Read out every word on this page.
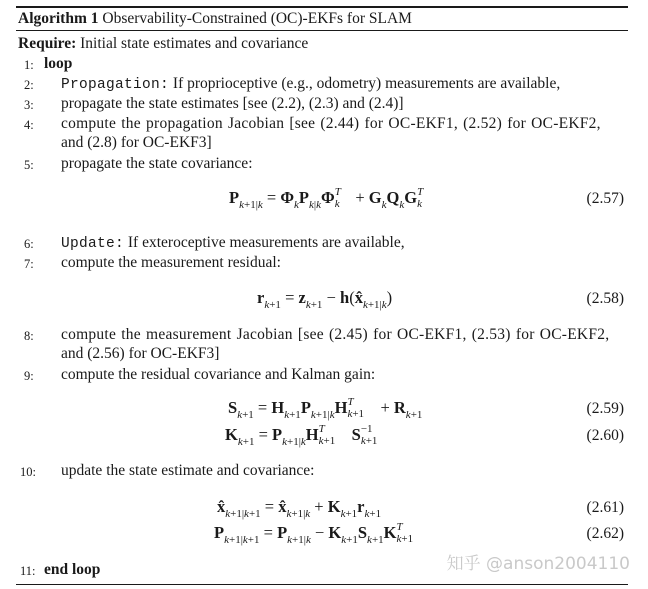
Algorithm 1 Observability-Constrained (OC)-EKFs for SLAM
Require: Initial state estimates and covariance
1: loop
2: Propagation: If proprioceptive (e.g., odometry) measurements are available,
3: propagate the state estimates [see (2.2), (2.3) and (2.4)]
4: compute the propagation Jacobian [see (2.44) for OC-EKF1, (2.52) for OC-EKF2,
and (2.8) for OC-EKF3]
5: propagate the state covariance:
$P_{k+1|k} = \Phi_kP_{k|k}\Phi$ T
$k + G_kQ_kG$ T
k	(2.57)
6: Update: If exteroceptive measurements are available,
7: compute the measurement residual:
$r_{k+1} = z_{k+1}$ − $h(x̂_{k+1|k})$	(2.58)
8: compute the measurement Jacobian [see (2.45) for OC-EKF1, (2.53) for OC-EKF2,
and (2.56) for OC-EKF3]
9: compute the residual covariance and Kalman gain:
$S_{k+1} = H_{k+1}P_{k+1|k}H$ T
$k+1 + R_{k+1}$	(2.59)
$K_{k+1} = P_{k+1|k}H$ T
k+1 S −1
k+1	(2.60)
10: update the state estimate and covariance:
$x̂_{k+1|k+1}$ = $x̂_{k+1|k} + K_{k+1}r_{k+1}$	(2.61)
$P_{k+1|k+1} = P_{k+1|k} - K_{k+1}S_{k+1}K$ T
k+1	(2.62)
11: end loop	知乎 @anson2004110
